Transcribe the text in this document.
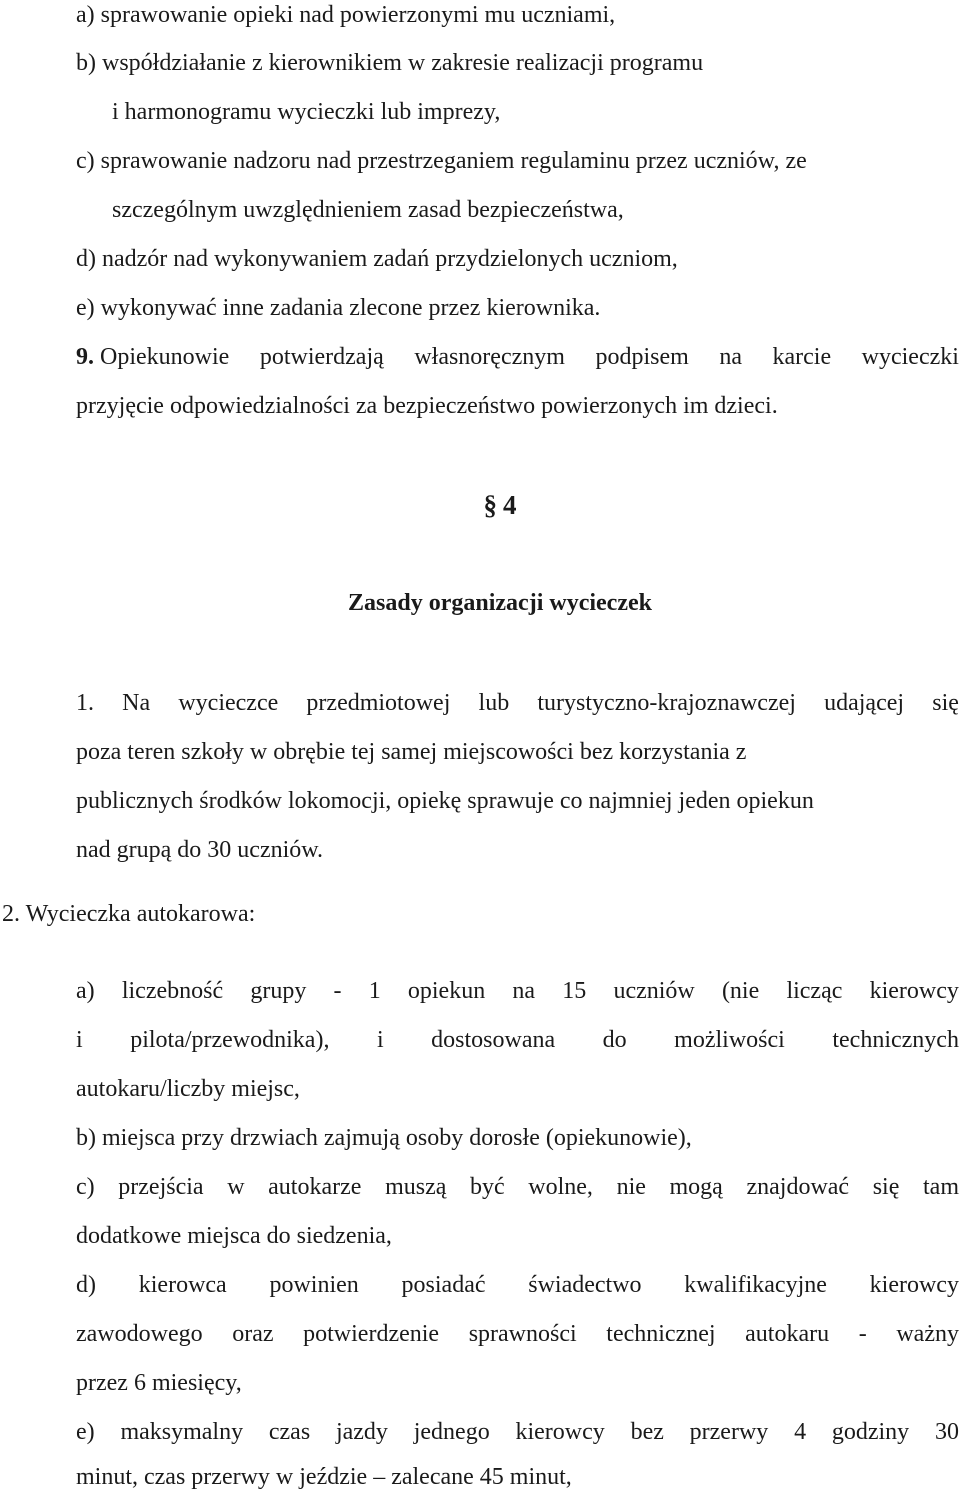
a) sprawowanie opieki nad powierzonymi mu uczniami,
b) współdziałanie z kierownikiem w zakresie realizacji programu
i harmonogramu wycieczki lub imprezy,
c) sprawowanie nadzoru nad przestrzeganiem regulaminu przez uczniów, ze
szczególnym uwzględnieniem zasad bezpieczeństwa,
d) nadzór nad wykonywaniem zadań przydzielonych uczniom,
e) wykonywać inne zadania zlecone przez kierownika.
9.
Opiekunowie potwierdzają własnoręcznym podpisem na karcie wycieczki
przyjęcie odpowiedzialności za bezpieczeństwo powierzonych im dzieci.
§ 4
Zasady organizacji wycieczek
1. Na wycieczce przedmiotowej lub turystyczno-krajoznawczej udającej się
poza teren szkoły w obrębie tej samej miejscowości bez korzystania z
publicznych środków lokomocji, opiekę sprawuje co najmniej jeden opiekun
nad grupą do 30 uczniów.
2. Wycieczka autokarowa:
a) liczebność grupy - 1 opiekun na 15 uczniów (nie licząc kierowcy
i pilota/przewodnika), i dostosowana do możliwości technicznych
autokaru/liczby miejsc,
b) miejsca przy drzwiach zajmują osoby dorosłe (opiekunowie),
c) przejścia w autokarze muszą być wolne, nie mogą znajdować się tam
dodatkowe miejsca do siedzenia,
d) kierowca powinien posiadać świadectwo kwalifikacyjne kierowcy
zawodowego oraz potwierdzenie sprawności technicznej autokaru - ważny
przez 6 miesięcy,
e) maksymalny czas jazdy jednego kierowcy bez przerwy 4 godziny 30
minut, czas przerwy w jeździe – zalecane 45 minut,
